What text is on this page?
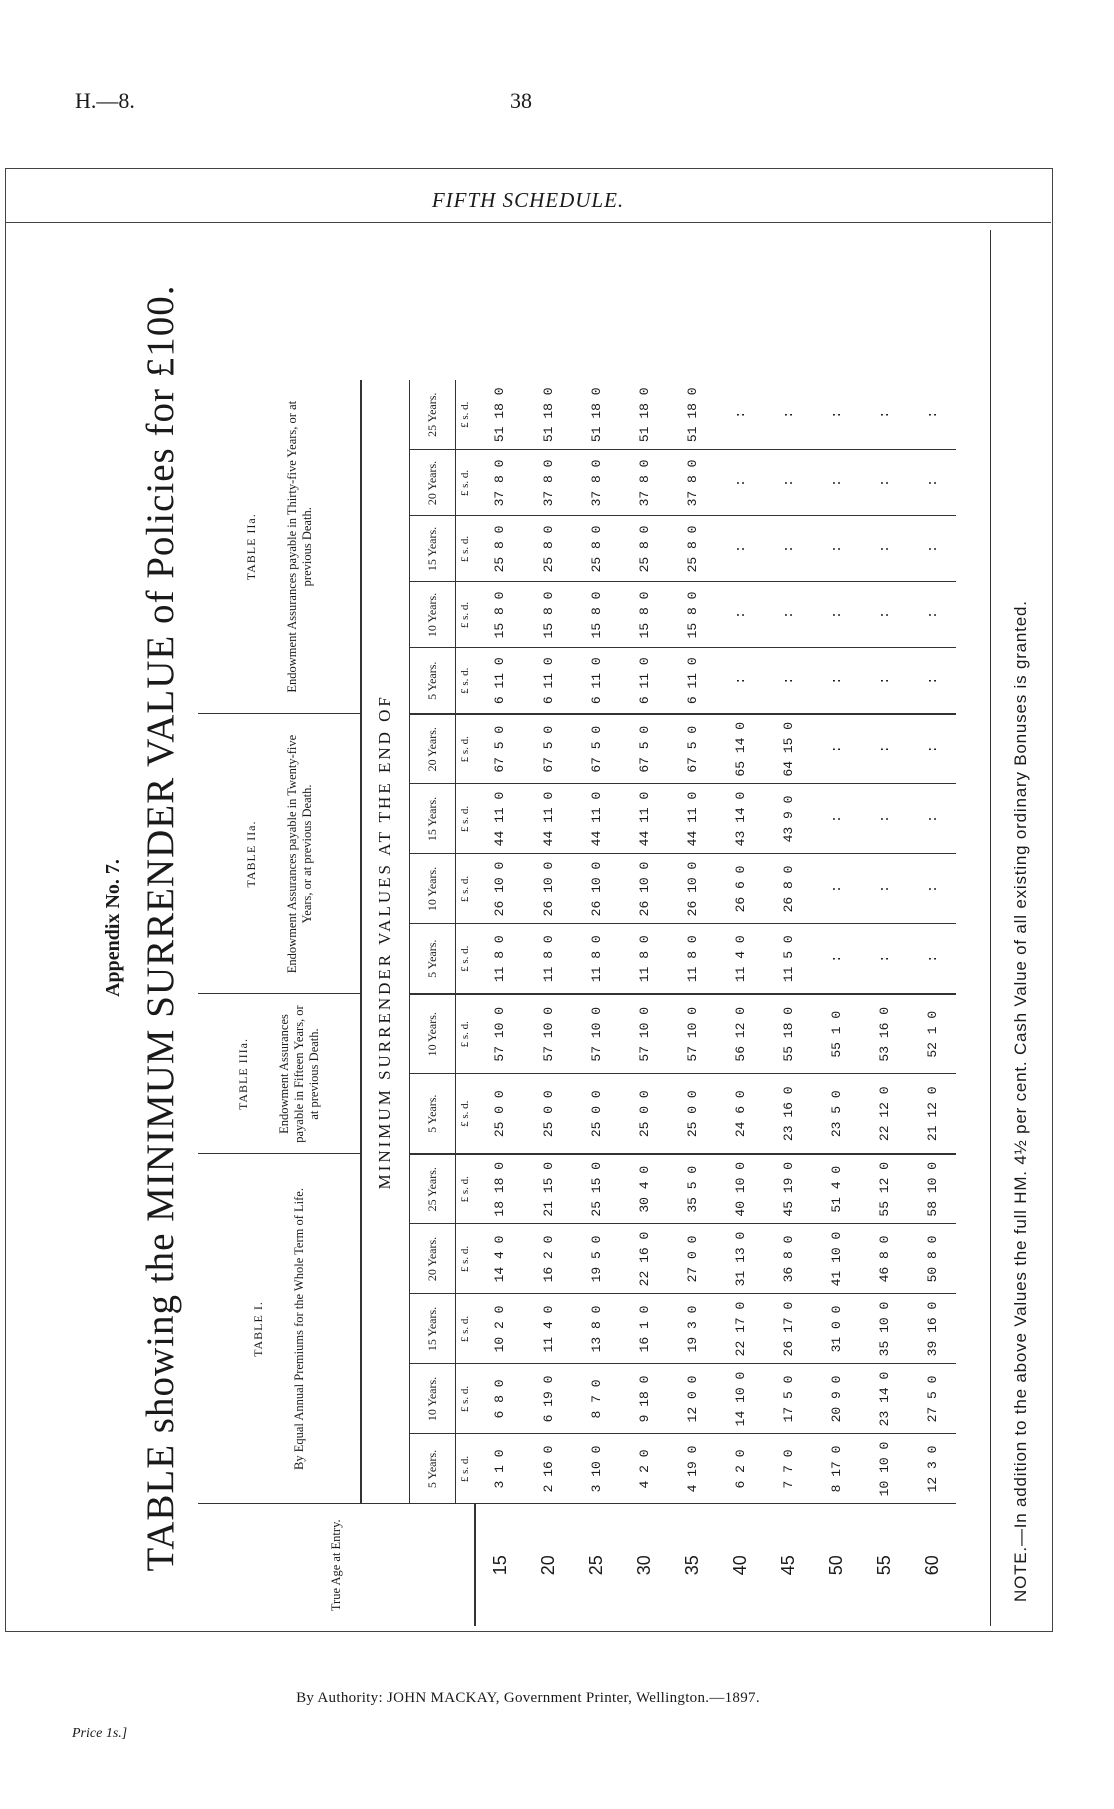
H.—8.	38
FIFTH SCHEDULE.
Appendix No. 7. TABLE showing the MINIMUM SURRENDER VALUE of Policies for £100.	True Age at Entry.	TABLE I. By Equal Annual Premiums for the Whole Term of Life.					TABLE IIIa. Endowment Assurances payable in Fifteen Years, or at previous Death.		TABLE IIa. Endowment Assurances payable in Twenty-five Years, or at previous Death.				TABLE IIa. Endowment Assurances payable in Thirty-five Years, or at previous Death.				

	MINIMUM SURRENDER VALUES AT THE END OF															
	5 Years.	10 Years.	15 Years.	20 Years.	25 Years.	5 Years.	10 Years.	5 Years.	10 Years.	15 Years.	20 Years.	5 Years.	10 Years.	15 Years.	20 Years.	25 Years.
	£ s. d.	£ s. d.	£ s. d.	£ s. d.	£ s. d.	£ s. d.	£ s. d.	£ s. d.	£ s. d.	£ s. d.	£ s. d.	£ s. d.	£ s. d.	£ s. d.	£ s. d.	£ s. d.
15	3 1 0	6 8 0	10 2 0	14 4 0	18 18 0	25 0 0	57 10 0	11 8 0	26 10 0	44 11 0	67 5 0	6 11 0	15 8 0	25 8 0	37 8 0	51 18 0
20	2 16 0	6 19 0	11 4 0	16 2 0	21 15 0	25 0 0	57 10 0	11 8 0	26 10 0	44 11 0	67 5 0	6 11 0	15 8 0	25 8 0	37 8 0	51 18 0
25	3 10 0	8 7 0	13 8 0	19 5 0	25 15 0	25 0 0	57 10 0	11 8 0	26 10 0	44 11 0	67 5 0	6 11 0	15 8 0	25 8 0	37 8 0	51 18 0
30	4 2 0	9 18 0	16 1 0	22 16 0	30 4 0	25 0 0	57 10 0	11 8 0	26 10 0	44 11 0	67 5 0	6 11 0	15 8 0	25 8 0	37 8 0	51 18 0
35	4 19 0	12 0 0	19 3 0	27 0 0	35 5 0	25 0 0	57 10 0	11 8 0	26 10 0	44 11 0	67 5 0	6 11 0	15 8 0	25 8 0	37 8 0	51 18 0
40	6 2 0	14 10 0	22 17 0	31 13 0	40 10 0	24 6 0	56 12 0	11 4 0	26 6 0	43 14 0	65 14 0	:	:	:	:	:
45	7 7 0	17 5 0	26 17 0	36 8 0	45 19 0	23 16 0	55 18 0	11 5 0	26 8 0	43 9 0	64 15 0	:	:	:	:	:
50	8 17 0	20 9 0	31 0 0	41 10 0	51 4 0	23 5 0	55 1 0	:	:	:	:	:	:	:	:	:
55	10 10 0	23 14 0	35 10 0	46 8 0	55 12 0	22 12 0	53 16 0	:	:	:	:	:	:	:	:	:
60	12 3 0	27 5 0	39 16 0	50 8 0	58 10 0	21 12 0	52 1 0	:	:	:	:	:	:	:	:	:
NOTE.—In addition to the above Values the full HM. 4½ per cent. Cash Value of all existing ordinary Bonuses is granted.
By Authority: JOHN MACKAY, Government Printer, Wellington.—1897.
Price 1s.]
